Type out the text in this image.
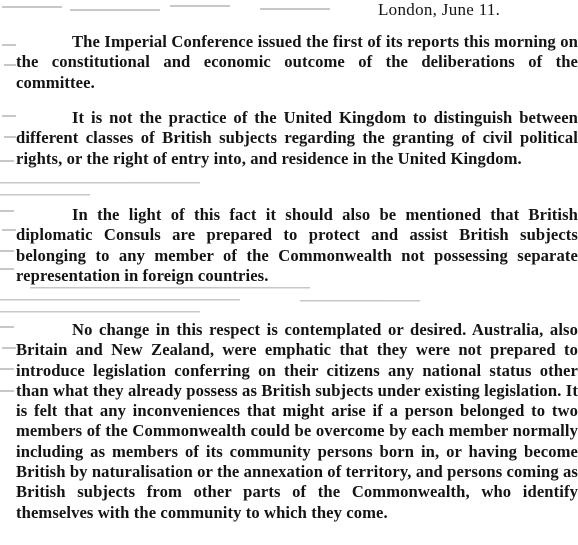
London, June 11.

The Imperial Conference issued the first of its reports this morning on the constitutional and economic outcome of the deliberations of the committee.

It is not the practice of the United Kingdom to distinguish between different classes of British subjects regarding the granting of civil political rights, or the right of entry into, and residence in the United Kingdom.

In the light of this fact it should also be mentioned that British diplomatic Consuls are prepared to protect and assist British subjects belonging to any member of the Commonwealth not possessing separate representation in foreign countries.

No change in this respect is contemplated or desired. Australia, also Britain and New Zealand, were emphatic that they were not prepared to introduce legislation conferring on their citizens any national status other than what they already possess as British subjects under existing legislation. It is felt that any inconveniences that might arise if a person belonged to two members of the Commonwealth could be overcome by each member normally including as members of its community persons born in, or having become British by naturalisation or the annexation of territory, and persons coming as British subjects from other parts of the Commonwealth, who identify themselves with the community to which they come.
